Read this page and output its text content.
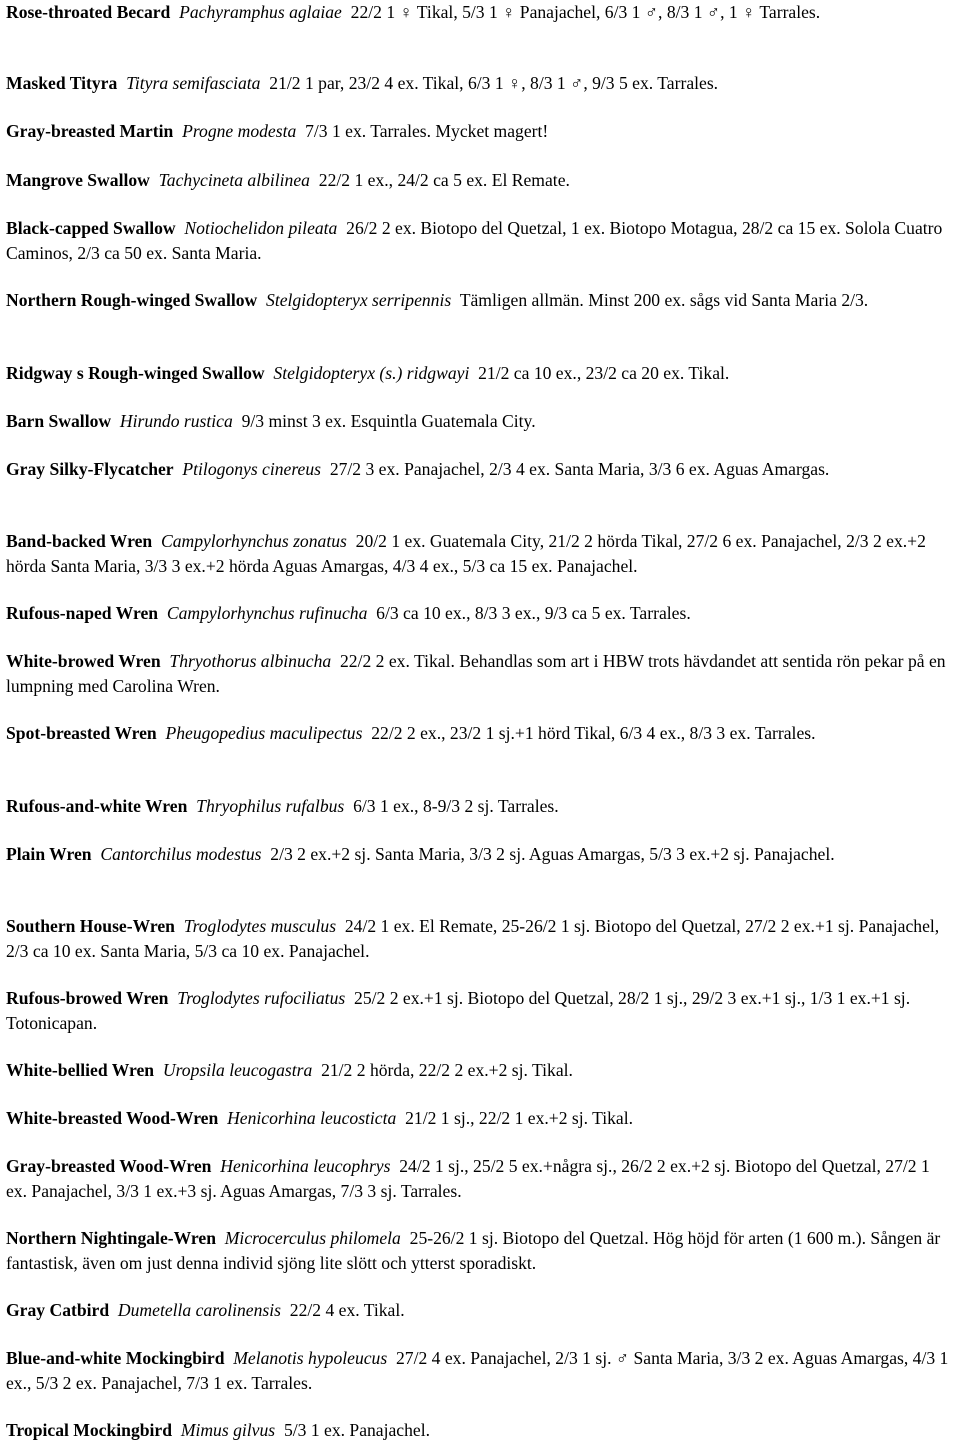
Rose-throated Becard Pachyramphus aglaiae 22/2 1 ♀ Tikal, 5/3 1 ♀ Panajachel, 6/3 1 ♂, 8/3 1 ♂, 1 ♀ Tarrales.

Masked Tityra Tityra semifasciata 21/2 1 par, 23/2 4 ex. Tikal, 6/3 1 ♀, 8/3 1 ♂, 9/3 5 ex. Tarrales.

Gray-breasted Martin Progne modesta 7/3 1 ex. Tarrales. Mycket magert!

Mangrove Swallow Tachycineta albilinea 22/2 1 ex., 24/2 ca 5 ex. El Remate.

Black-capped Swallow Notiochelidon pileata 26/2 2 ex. Biotopo del Quetzal, 1 ex. Biotopo Motagua, 28/2 ca 15 ex. Solola Cuatro Caminos, 2/3 ca 50 ex. Santa Maria.

Northern Rough-winged Swallow Stelgidopteryx serripennis Tämligen allmän. Minst 200 ex. sågs vid Santa Maria 2/3.

Ridgway s Rough-winged Swallow Stelgidopteryx (s.) ridgwayi 21/2 ca 10 ex., 23/2 ca 20 ex. Tikal.

Barn Swallow Hirundo rustica 9/3 minst 3 ex. Esquintla Guatemala City.

Gray Silky-Flycatcher Ptilogonys cinereus 27/2 3 ex. Panajachel, 2/3 4 ex. Santa Maria, 3/3 6 ex. Aguas Amargas.

Band-backed Wren Campylorhynchus zonatus 20/2 1 ex. Guatemala City, 21/2 2 hörda Tikal, 27/2 6 ex. Panajachel, 2/3 2 ex.+2 hörda Santa Maria, 3/3 3 ex.+2 hörda Aguas Amargas, 4/3 4 ex., 5/3 ca 15 ex. Panajachel.

Rufous-naped Wren Campylorhynchus rufinucha 6/3 ca 10 ex., 8/3 3 ex., 9/3 ca 5 ex. Tarrales.

White-browed Wren Thryothorus albinucha 22/2 2 ex. Tikal. Behandlas som art i HBW trots hävdandet att sentida rön pekar på en lumpning med Carolina Wren.

Spot-breasted Wren Pheugopedius maculipectus 22/2 2 ex., 23/2 1 sj.+1 hörd Tikal, 6/3 4 ex., 8/3 3 ex. Tarrales.

Rufous-and-white Wren Thryophilus rufalbus 6/3 1 ex., 8-9/3 2 sj. Tarrales.

Plain Wren Cantorchilus modestus 2/3 2 ex.+2 sj. Santa Maria, 3/3 2 sj. Aguas Amargas, 5/3 3 ex.+2 sj. Panajachel.

Southern House-Wren Troglodytes musculus 24/2 1 ex. El Remate, 25-26/2 1 sj. Biotopo del Quetzal, 27/2 2 ex.+1 sj. Panajachel, 2/3 ca 10 ex. Santa Maria, 5/3 ca 10 ex. Panajachel.

Rufous-browed Wren Troglodytes rufociliatus 25/2 2 ex.+1 sj. Biotopo del Quetzal, 28/2 1 sj., 29/2 3 ex.+1 sj., 1/3 1 ex.+1 sj. Totonicapan.

White-bellied Wren Uropsila leucogastra 21/2 2 hörda, 22/2 2 ex.+2 sj. Tikal.

White-breasted Wood-Wren Henicorhina leucosticta 21/2 1 sj., 22/2 1 ex.+2 sj. Tikal.

Gray-breasted Wood-Wren Henicorhina leucophrys 24/2 1 sj., 25/2 5 ex.+några sj., 26/2 2 ex.+2 sj. Biotopo del Quetzal, 27/2 1 ex. Panajachel, 3/3 1 ex.+3 sj. Aguas Amargas, 7/3 3 sj. Tarrales.

Northern Nightingale-Wren Microcerculus philomela 25-26/2 1 sj. Biotopo del Quetzal. Hög höjd för arten (1 600 m.). Sången är fantastisk, även om just denna individ sjöng lite slött och ytterst sporadiskt.

Gray Catbird Dumetella carolinensis 22/2 4 ex. Tikal.

Blue-and-white Mockingbird Melanotis hypoleucus 27/2 4 ex. Panajachel, 2/3 1 sj. ♂ Santa Maria, 3/3 2 ex. Aguas Amargas, 4/3 1 ex., 5/3 2 ex. Panajachel, 7/3 1 ex. Tarrales.

Tropical Mockingbird Mimus gilvus 5/3 1 ex. Panajachel.
